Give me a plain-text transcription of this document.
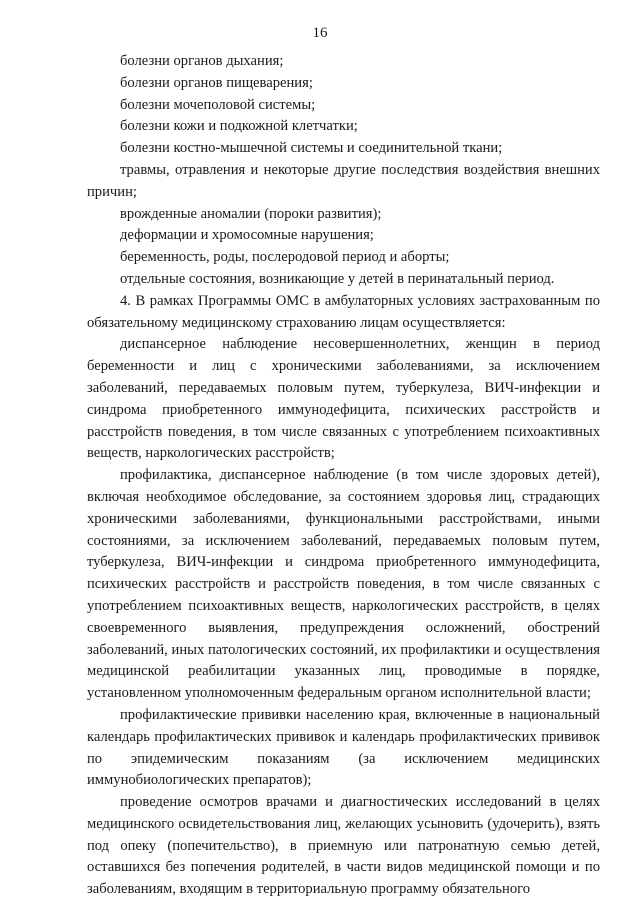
16

болезни органов дыхания;

болезни органов пищеварения;

болезни мочеполовой системы;

болезни кожи и подкожной клетчатки;

болезни костно-мышечной системы и соединительной ткани;

травмы, отравления и некоторые другие последствия воздействия внешних причин;

врожденные аномалии (пороки развития);

деформации и хромосомные нарушения;

беременность, роды, послеродовой период и аборты;

отдельные состояния, возникающие у детей в перинатальный период.

4. В рамках Программы ОМС в амбулаторных условиях застрахованным по обязательному медицинскому страхованию лицам осуществляется:

диспансерное наблюдение несовершеннолетних, женщин в период беременности и лиц с хроническими заболеваниями, за исключением заболеваний, передаваемых половым путем, туберкулеза, ВИЧ-инфекции и синдрома приобретенного иммунодефицита, психических расстройств и расстройств поведения, в том числе связанных с употреблением психоактивных веществ, наркологических расстройств;

профилактика, диспансерное наблюдение (в том числе здоровых детей), включая необходимое обследование, за состоянием здоровья лиц, страдающих хроническими заболеваниями, функциональными расстройствами, иными состояниями, за исключением заболеваний, передаваемых половым путем, туберкулеза, ВИЧ-инфекции и синдрома приобретенного иммунодефицита, психических расстройств и расстройств поведения, в том числе связанных с употреблением психоактивных веществ, наркологических расстройств, в целях своевременного выявления, предупреждения осложнений, обострений заболеваний, иных патологических состояний, их профилактики и осуществления медицинской реабилитации указанных лиц, проводимые в порядке, установленном уполномоченным федеральным органом исполнительной власти;

профилактические прививки населению края, включенные в национальный календарь профилактических прививок и календарь профилактических прививок по эпидемическим показаниям (за исключением медицинских иммунобиологических препаратов);

проведение осмотров врачами и диагностических исследований в целях медицинского освидетельствования лиц, желающих усыновить (удочерить), взять под опеку (попечительство), в приемную или патронатную семью детей, оставшихся без попечения родителей, в части видов медицинской помощи и по заболеваниям, входящим в территориальную программу обязательного
